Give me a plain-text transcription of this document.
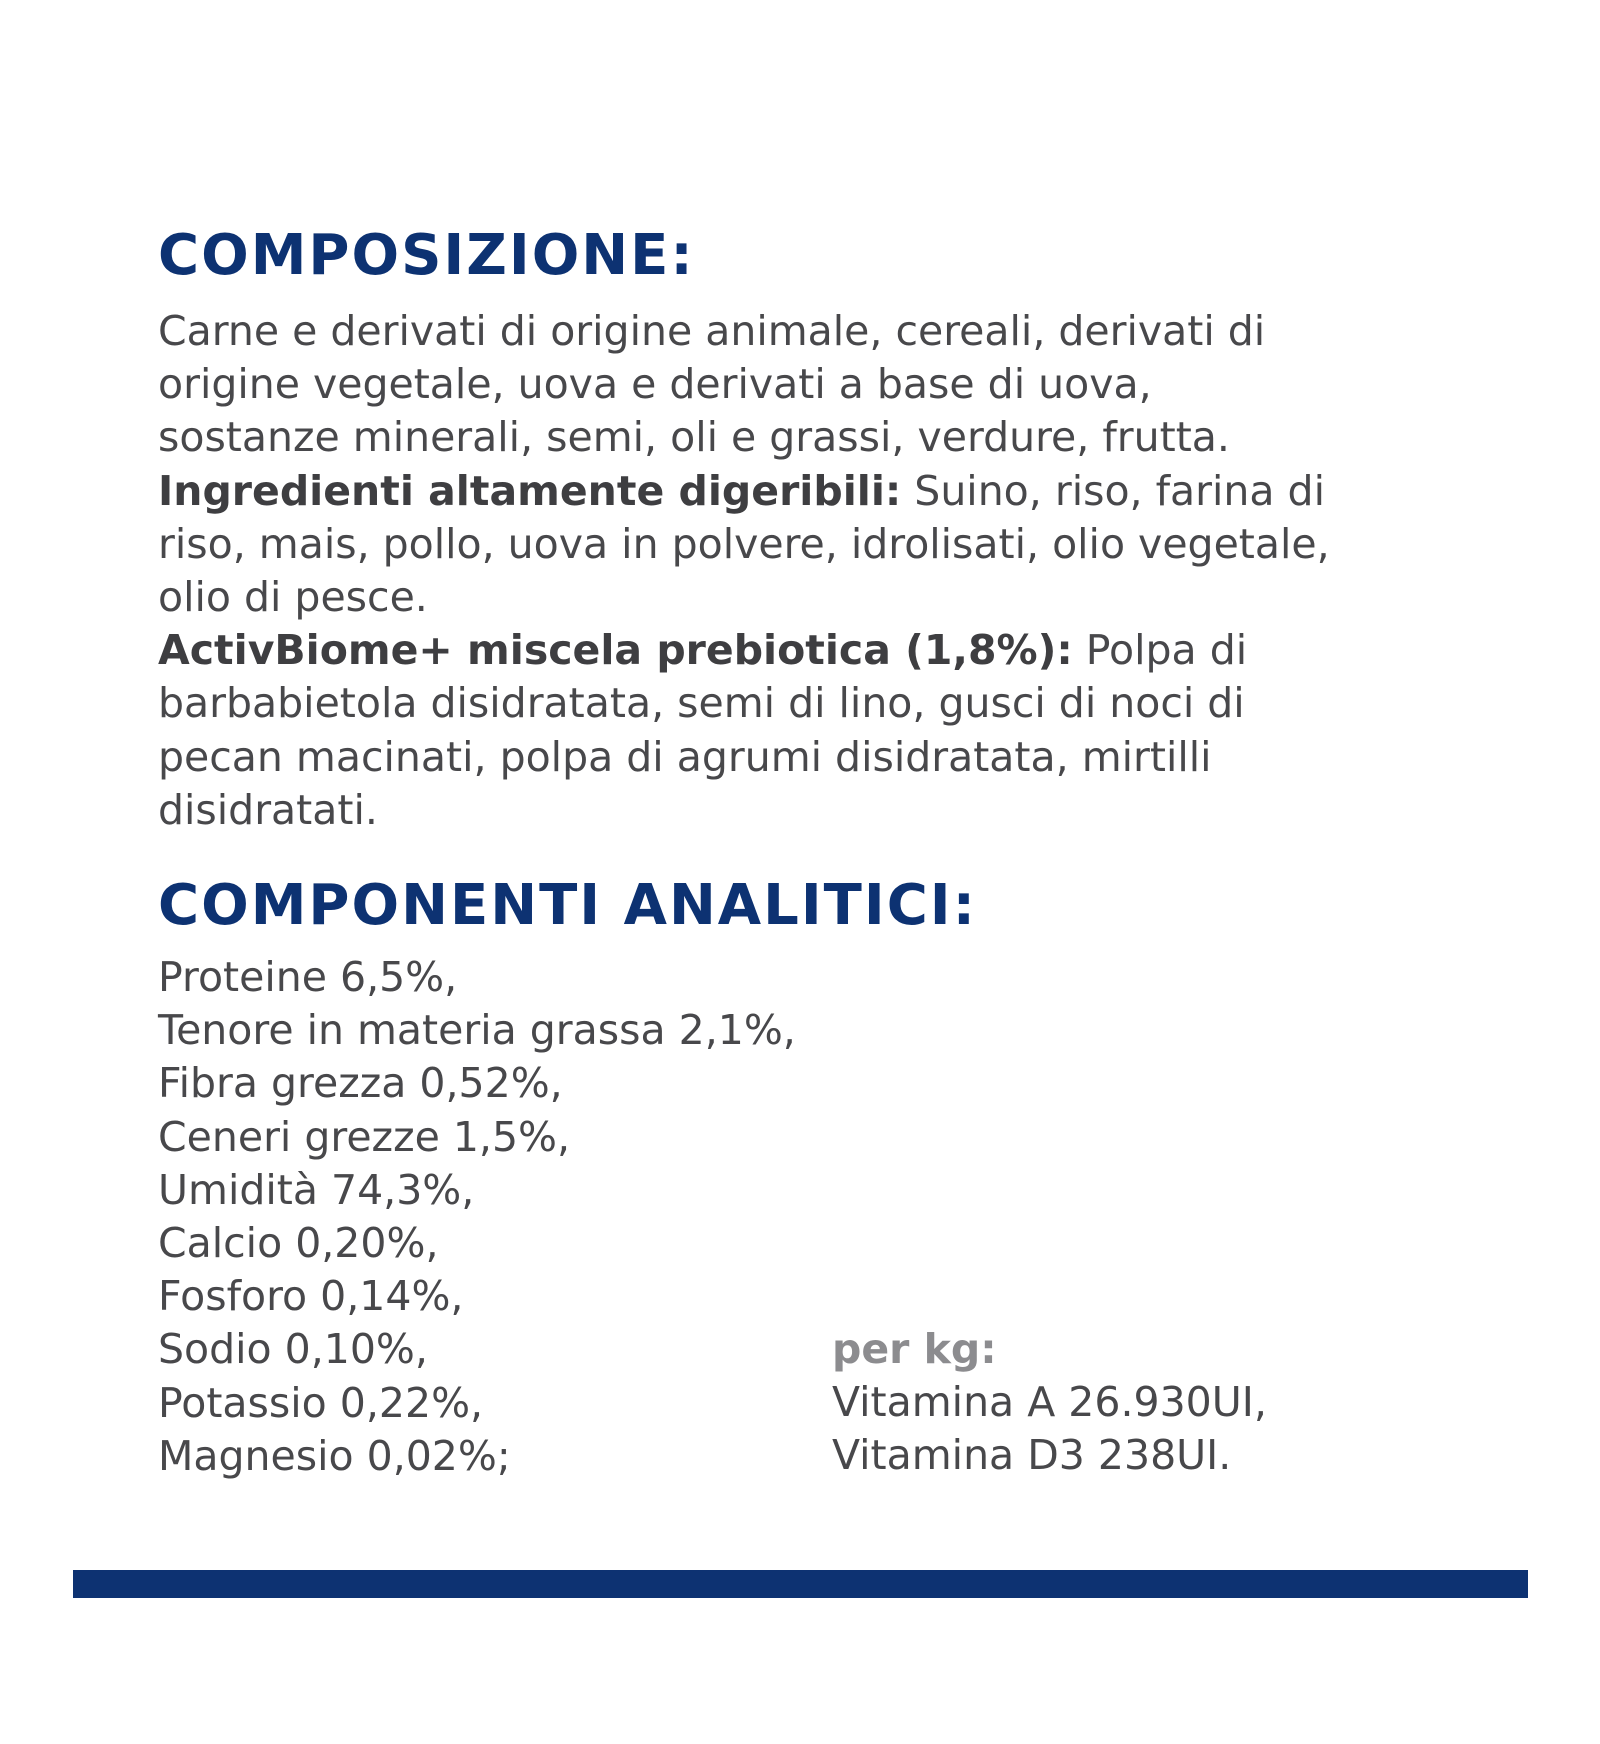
COMPOSIZIONE:
Carne e derivati di origine animale, cereali, derivati di
origine vegetale, uova e derivati a base di uova,
sostanze minerali, semi, oli e grassi, verdure, frutta.
Ingredienti altamente digeribili: Suino, riso, farina di
riso, mais, pollo, uova in polvere, idrolisati, olio vegetale,
olio di pesce.
ActivBiome+ miscela prebiotica (1,8%): Polpa di
barbabietola disidratata, semi di lino, gusci di noci di
pecan macinati, polpa di agrumi disidratata, mirtilli
disidratati.
COMPONENTI ANALITICI:
Proteine 6,5%,
Tenore in materia grassa 2,1%,
Fibra grezza 0,52%,
Ceneri grezze 1,5%,
Umidità 74,3%,
Calcio 0,20%,
Fosforo 0,14%,
Sodio 0,10%,
Potassio 0,22%,
Magnesio 0,02%;
per kg:
Vitamina A 26.930UI,
Vitamina D3 238UI.
